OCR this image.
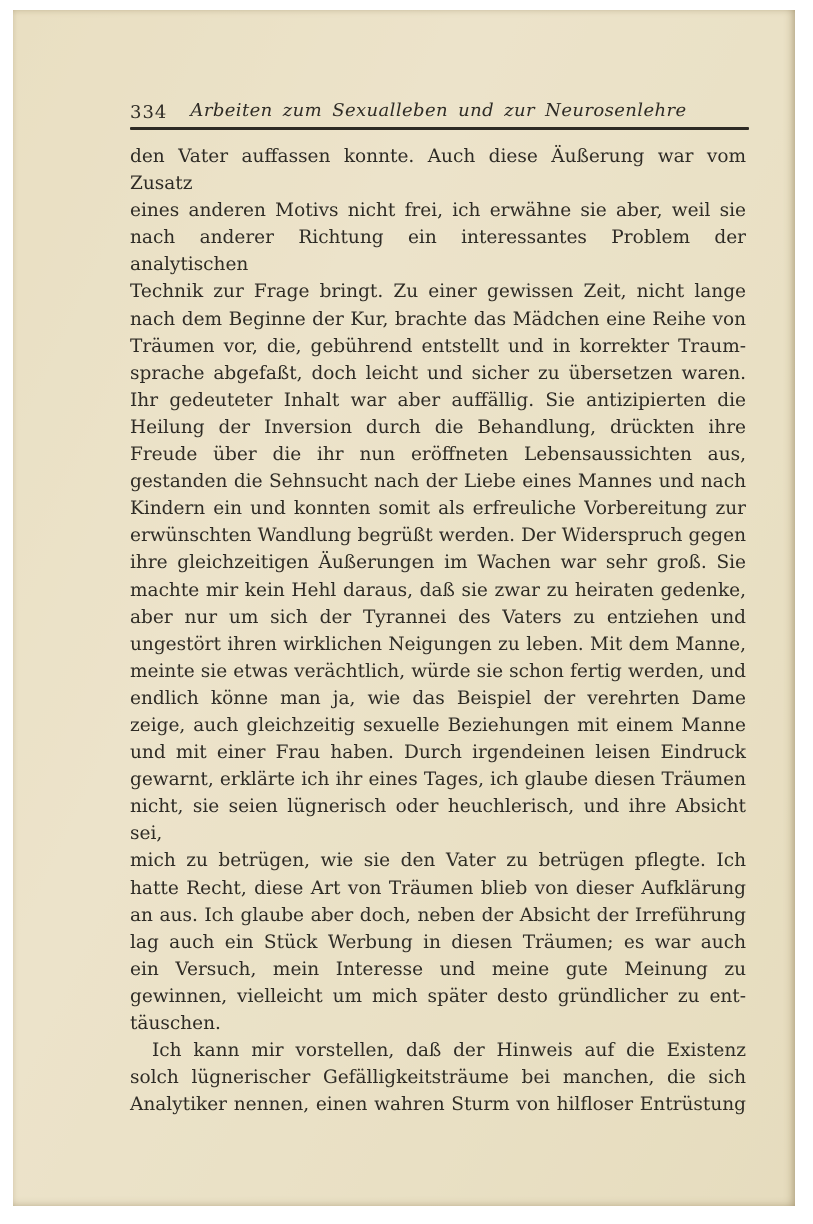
334	Arbeiten zum Sexualleben und zur Neurosenlehre
den Vater auffassen konnte. Auch diese Äußerung war vom Zusatz
eines anderen Motivs nicht frei, ich erwähne sie aber, weil sie
nach anderer Richtung ein interessantes Problem der analytischen
Technik zur Frage bringt. Zu einer gewissen Zeit, nicht lange
nach dem Beginne der Kur, brachte das Mädchen eine Reihe von
Träumen vor, die, gebührend entstellt und in korrekter Traum-
sprache abgefaßt, doch leicht und sicher zu übersetzen waren.
Ihr gedeuteter Inhalt war aber auffällig. Sie antizipierten die
Heilung der Inversion durch die Behandlung, drückten ihre
Freude über die ihr nun eröffneten Lebensaussichten aus,
gestanden die Sehnsucht nach der Liebe eines Mannes und nach
Kindern ein und konnten somit als erfreuliche Vorbereitung zur
erwünschten Wandlung begrüßt werden. Der Widerspruch gegen
ihre gleichzeitigen Äußerungen im Wachen war sehr groß. Sie
machte mir kein Hehl daraus, daß sie zwar zu heiraten gedenke,
aber nur um sich der Tyrannei des Vaters zu entziehen und
ungestört ihren wirklichen Neigungen zu leben. Mit dem Manne,
meinte sie etwas verächtlich, würde sie schon fertig werden, und
endlich könne man ja, wie das Beispiel der verehrten Dame
zeige, auch gleichzeitig sexuelle Beziehungen mit einem Manne
und mit einer Frau haben. Durch irgendeinen leisen Eindruck
gewarnt, erklärte ich ihr eines Tages, ich glaube diesen Träumen
nicht, sie seien lügnerisch oder heuchlerisch, und ihre Absicht sei,
mich zu betrügen, wie sie den Vater zu betrügen pflegte. Ich
hatte Recht, diese Art von Träumen blieb von dieser Aufklärung
an aus. Ich glaube aber doch, neben der Absicht der Irreführung
lag auch ein Stück Werbung in diesen Träumen; es war auch
ein Versuch, mein Interesse und meine gute Meinung zu
gewinnen, vielleicht um mich später desto gründlicher zu ent-
täuschen.
Ich kann mir vorstellen, daß der Hinweis auf die Existenz
solch lügnerischer Gefälligkeitsträume bei manchen, die sich
Analytiker nennen, einen wahren Sturm von hilfloser Entrüstung
